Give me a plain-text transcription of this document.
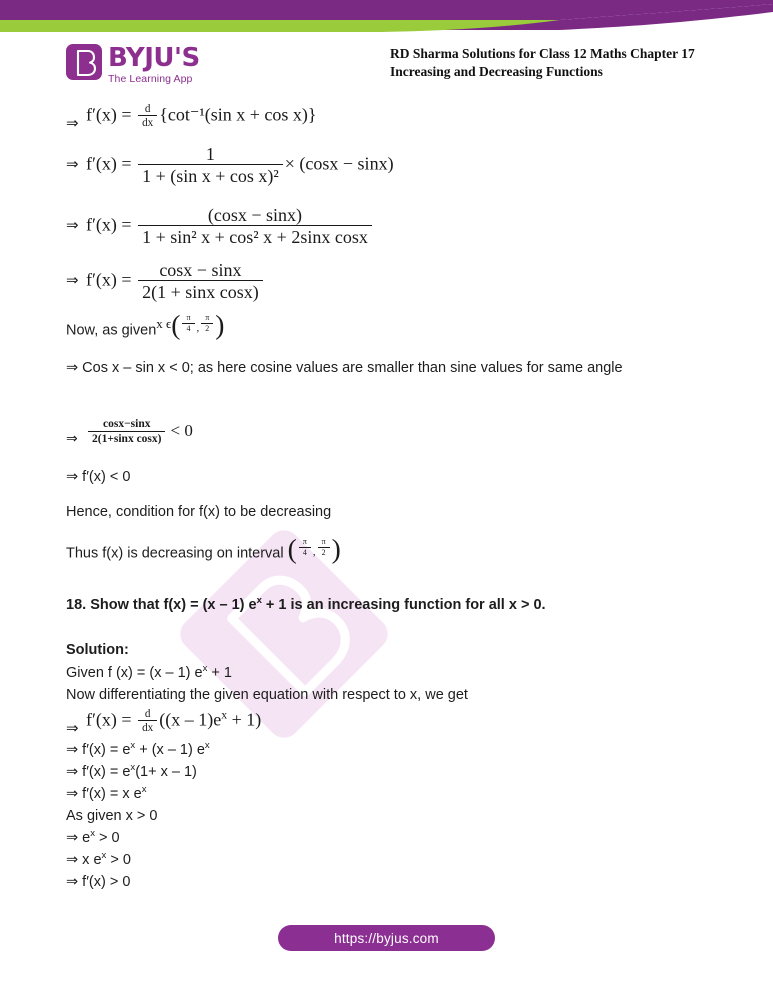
BYJU'S
The Learning App
RD Sharma Solutions for Class 12 Maths Chapter 17
Increasing and Decreasing Functions
⇒ $f'(x) = \frac{d}{dx} \{\cot^{-1}(\sin$ x + cos x)}
⇒ $f'(x) = \frac{1}{\text{1 + (sin x + cos x)²}} \times (\cos x - \sin x)$
⇒ $f'(x) = \frac{(\cos x - \sin x)}{\text{1 + sin² x + cos² x + 2sinx cosx}}$
⇒ $f'(x) = \frac{\cos x - \sin x}{\text{2(1 + sinx cosx)}}$
Now, as givenx $\epsilon( \frac{\pi}{4} _, \frac{\pi}{2}$ )
⇒ Cos x – sin x < 0; as here cosine values are smaller than sine values for same angle
⇒ $\frac{\cos x-\sin x}{\text{2(1+sinx cosx)}} < 0$
⇒ f′(x) < 0
Hence, condition for f(x) to be decreasing
Thus f(x) is decreasing on interval ( $\frac{\pi}{4} _, \frac{\pi}{2}$ )
18. Show that f(x) = (x – 1) $e^x + 1$ is an increasing function for all x > 0.
Solution:
Given f (x) = (x – 1) $e^x + 1$
Now differentiating the given equation with respect to x, we get
⇒ $f'(x) = \frac{d}{dx} ((x - 1)e^x + 1)$
⇒ $f'(x) = e^x + (x - 1)$ $e^x$
⇒ $f'(x) = e^x(1+ x - 1)$
⇒ f′(x) = x $e^x$
As given x > 0
⇒ $e^x > 0$
⇒ x $e^x > 0$
⇒ f′(x) > 0
https://byjus.com
